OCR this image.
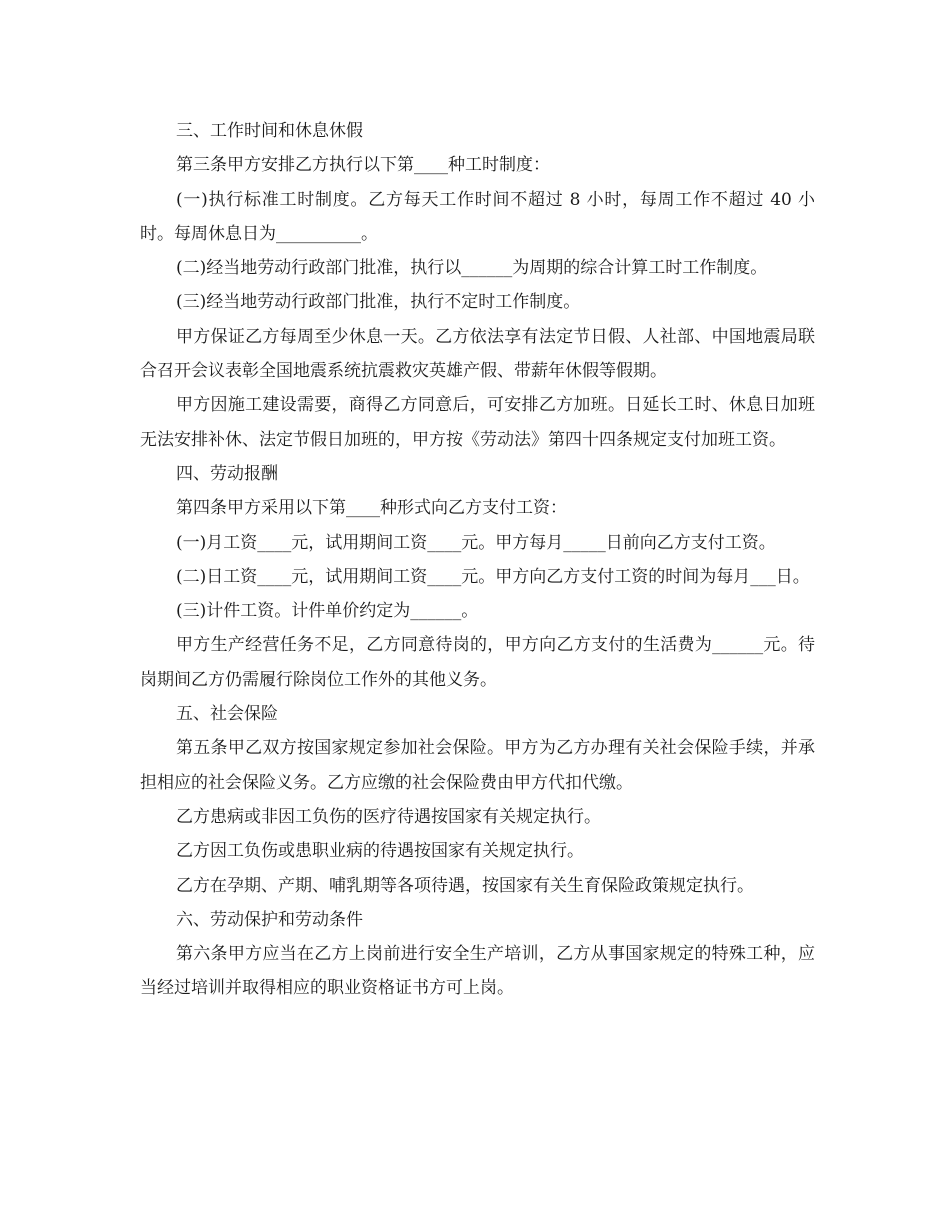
三、工作时间和休息休假

第三条甲方安排乙方执行以下第____种工时制度：

(一)执行标准工时制度。乙方每天工作时间不超过 8 小时，每周工作不超过 40 小时。每周休息日为__________。

(二)经当地劳动行政部门批准，执行以______为周期的综合计算工时工作制度。

(三)经当地劳动行政部门批准，执行不定时工作制度。

甲方保证乙方每周至少休息一天。乙方依法享有法定节日假、人社部、中国地震局联合召开会议表彰全国地震系统抗震救灾英雄产假、带薪年休假等假期。

甲方因施工建设需要，商得乙方同意后，可安排乙方加班。日延长工时、休息日加班无法安排补休、法定节假日加班的，甲方按《劳动法》第四十四条规定支付加班工资。

四、劳动报酬

第四条甲方采用以下第____种形式向乙方支付工资：

(一)月工资____元，试用期间工资____元。甲方每月_____日前向乙方支付工资。

(二)日工资____元，试用期间工资____元。甲方向乙方支付工资的时间为每月___日。

(三)计件工资。计件单价约定为______。

甲方生产经营任务不足，乙方同意待岗的，甲方向乙方支付的生活费为______元。待岗期间乙方仍需履行除岗位工作外的其他义务。

五、社会保险

第五条甲乙双方按国家规定参加社会保险。甲方为乙方办理有关社会保险手续，并承担相应的社会保险义务。乙方应缴的社会保险费由甲方代扣代缴。

乙方患病或非因工负伤的医疗待遇按国家有关规定执行。

乙方因工负伤或患职业病的待遇按国家有关规定执行。

乙方在孕期、产期、哺乳期等各项待遇，按国家有关生育保险政策规定执行。

六、劳动保护和劳动条件

第六条甲方应当在乙方上岗前进行安全生产培训，乙方从事国家规定的特殊工种，应当经过培训并取得相应的职业资格证书方可上岗。
